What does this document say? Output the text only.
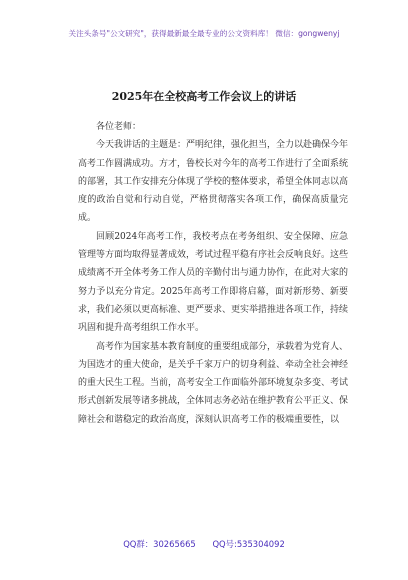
关注头条号"公文研究"，获得最新最全最专业的公文资料库！ 微信：gongwenyj
2025年在全校高考工作会议上的讲话

各位老师：

今天我讲话的主题是：严明纪律，强化担当，全力以赴确保今年高考工作圆满成功。方才，鲁校长对今年的高考工作进行了全面系统的部署，其工作安排充分体现了学校的整体要求，希望全体同志以高度的政治自觉和行动自觉，严格贯彻落实各项工作，确保高质量完成。

回顾2024年高考工作，我校考点在考务组织、安全保障、应急管理等方面均取得显著成效，考试过程平稳有序社会反响良好。这些成绩离不开全体考务工作人员的辛勤付出与通力协作，在此对大家的努力予以充分肯定。2025年高考工作即将启幕，面对新形势、新要求，我们必须以更高标准、更严要求、更实举措推进各项工作，持续巩固和提升高考组织工作水平。

高考作为国家基本教育制度的重要组成部分，承载着为党育人、为国选才的重大使命，是关乎千家万户的切身利益、牵动全社会神经的重大民生工程。当前，高考安全工作面临外部环境复杂多变、考试形式创新发展等诸多挑战，全体同志务必站在维护教育公平正义、保障社会和谐稳定的政治高度，深刻认识高考工作的极端重要性，以

QQ群：30265665 QQ号:535304092
